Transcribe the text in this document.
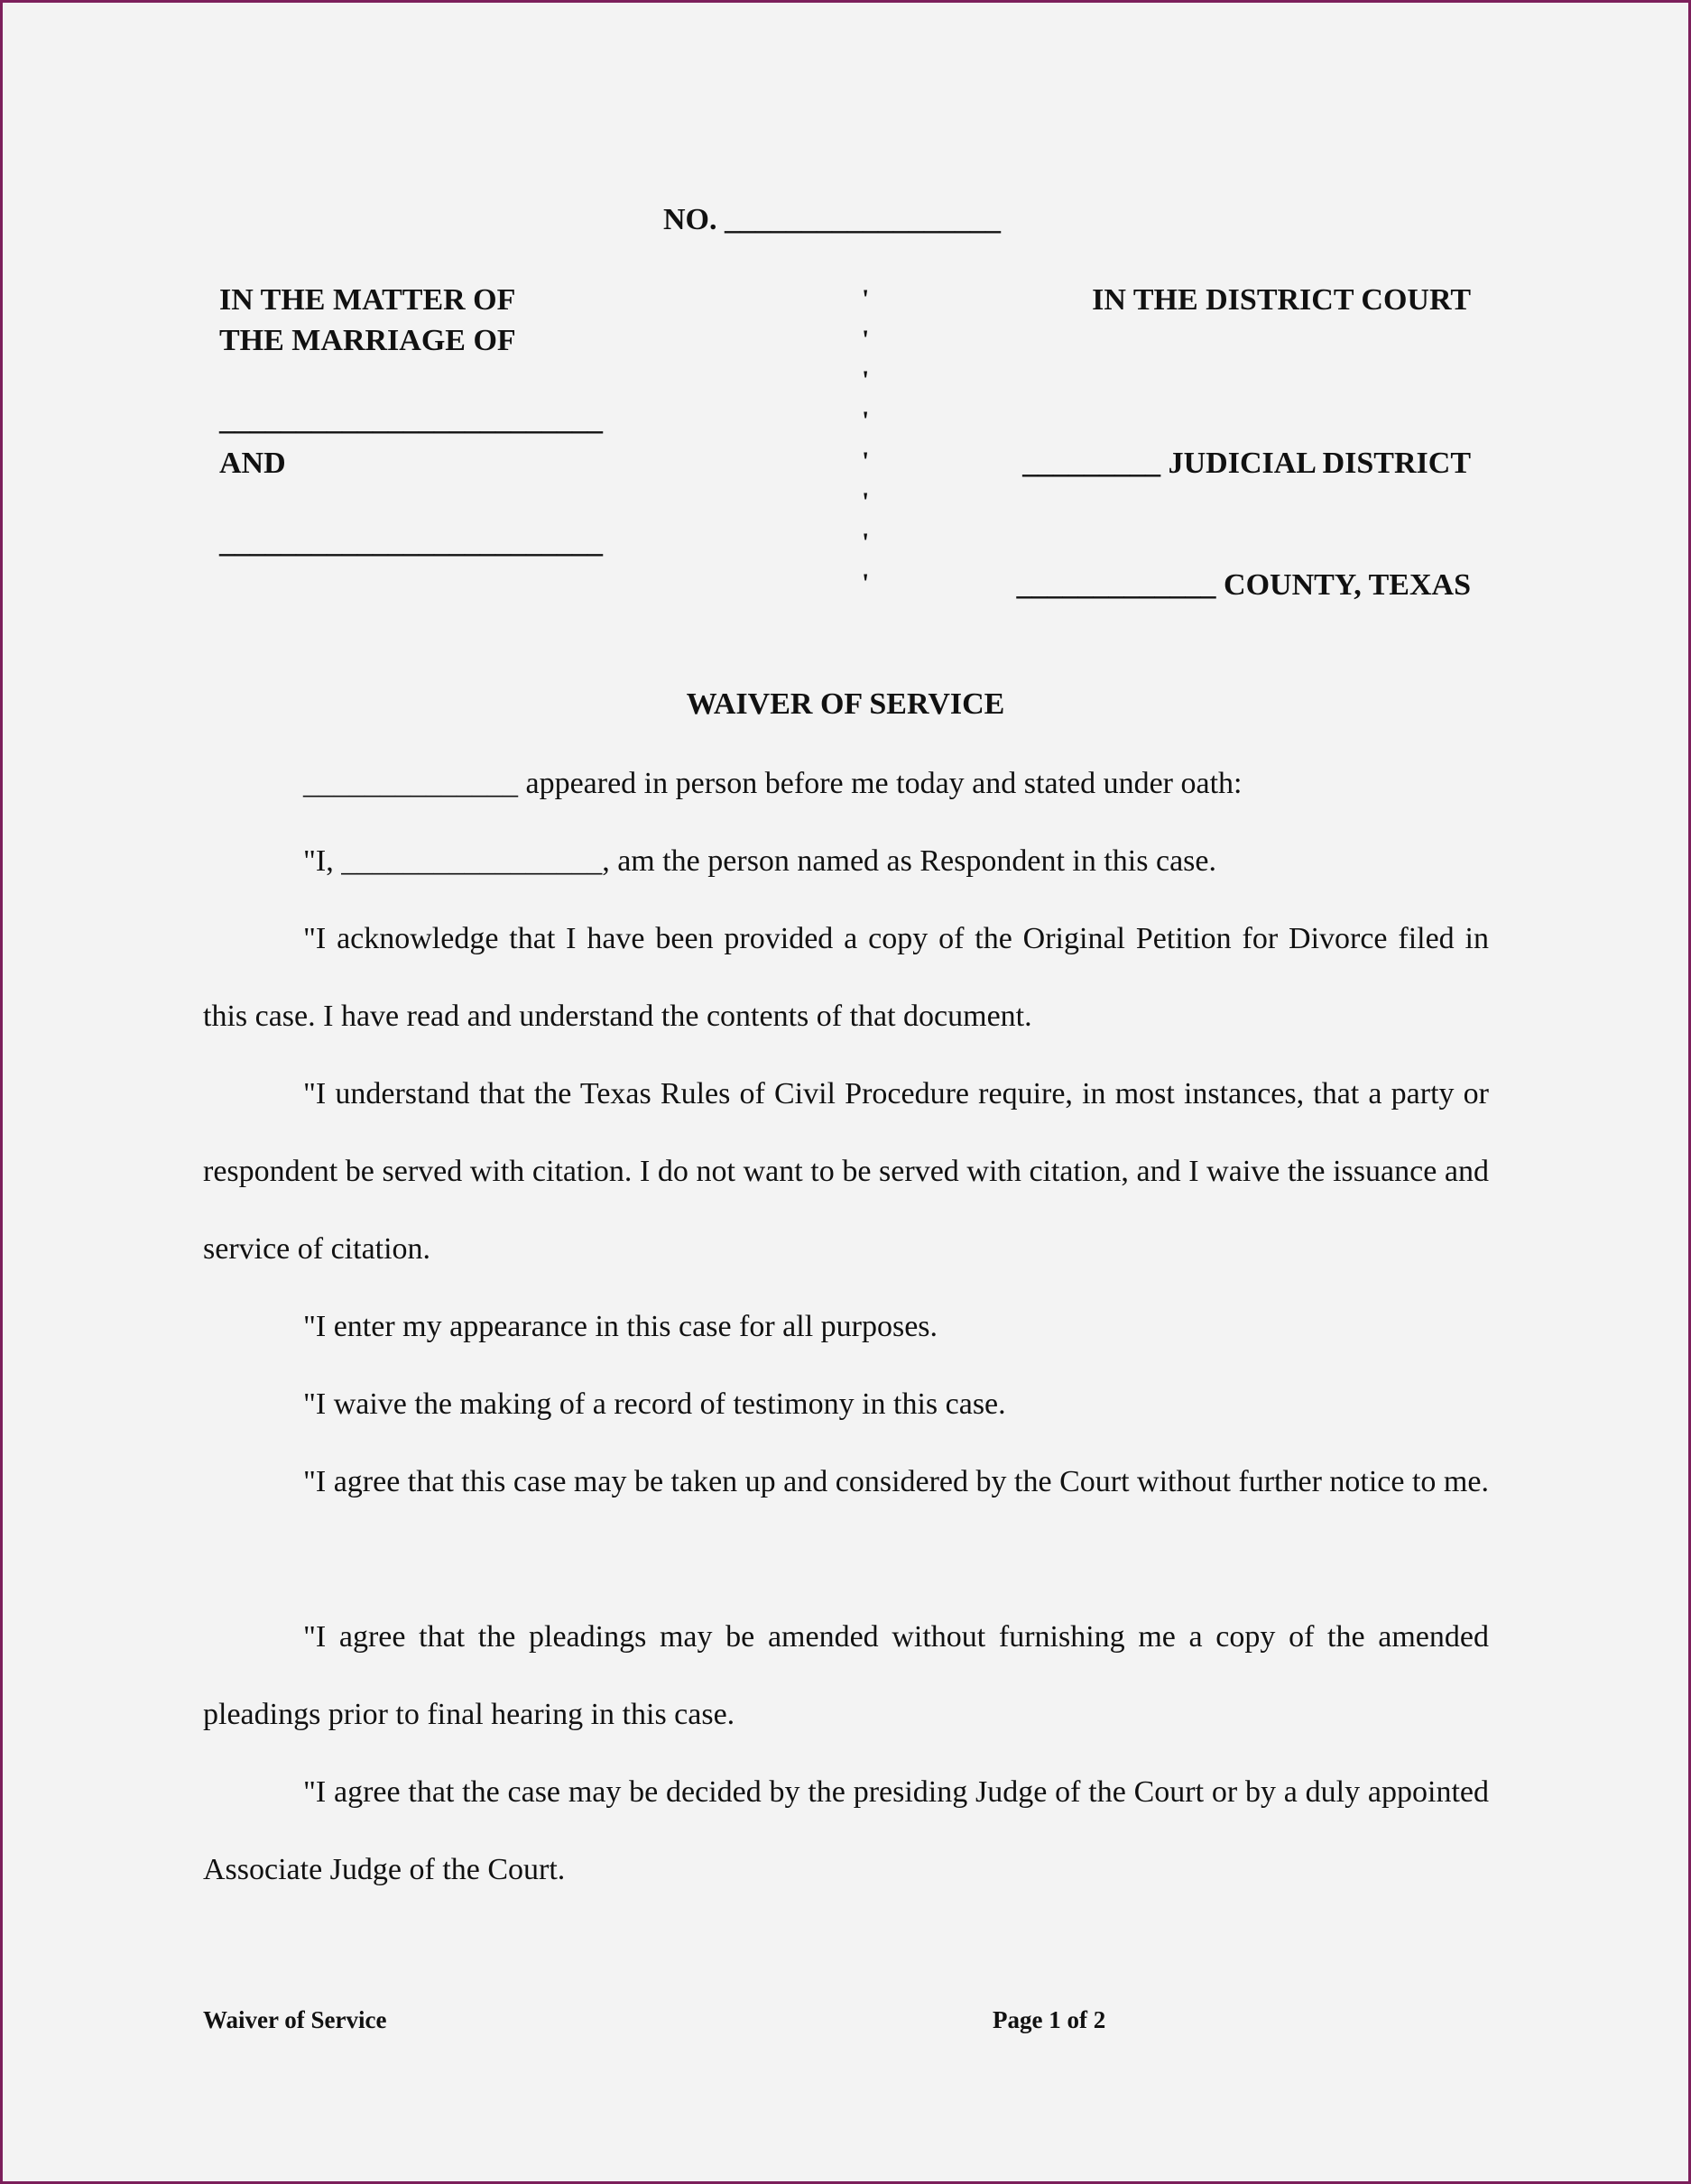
NO. __________________
IN THE MATTER OF
THE MARRIAGE OF
_________________________
AND
_________________________
'
'
'
'
'
'
'
'
IN THE DISTRICT COURT
_________ JUDICIAL DISTRICT
_____________ COUNTY, TEXAS
WAIVER OF SERVICE
______________ appeared in person before me today and stated under oath:
"I, _________________, am the person named as Respondent in this case.
"I acknowledge that I have been provided a copy of the Original Petition for Divorce filed in this case. I have read and understand the contents of that document.
"I understand that the Texas Rules of Civil Procedure require, in most instances, that a party or respondent be served with citation. I do not want to be served with citation, and I waive the issuance and service of citation.
"I enter my appearance in this case for all purposes.
"I waive the making of a record of testimony in this case.
"I agree that this case may be taken up and considered by the Court without further notice to me.
"I agree that the pleadings may be amended without furnishing me a copy of the amended pleadings prior to final hearing in this case.
"I agree that the case may be decided by the presiding Judge of the Court or by a duly appointed Associate Judge of the Court.
Waiver of Service	Page 1 of 2
